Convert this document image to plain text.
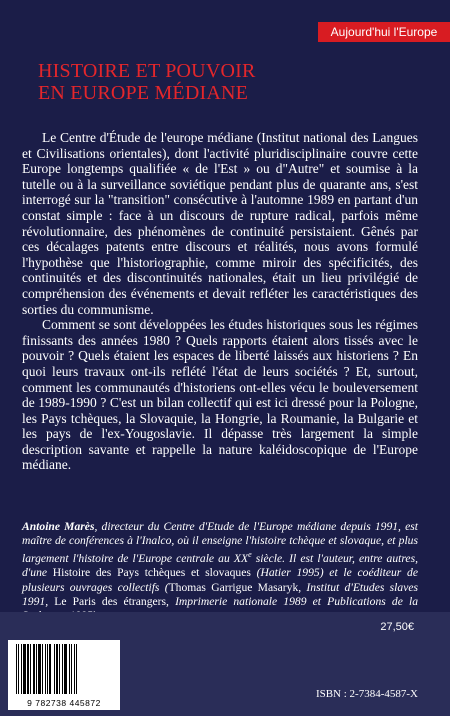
Aujourd'hui l'Europe
HISTOIRE ET POUVOIR
EN EUROPE MÉDIANE

Le Centre d'Étude de l'europe médiane (Institut national des Langues et Civilisations orientales), dont l'activité pluridisciplinaire couvre cette Europe longtemps qualifiée « de l'Est » ou d"Autre" et soumise à la tutelle ou à la surveillance soviétique pendant plus de quarante ans, s'est interrogé sur la "transition" consécutive à l'automne 1989 en partant d'un constat simple : face à un discours de rupture radical, parfois même révolutionnaire, des phénomènes de continuité persistaient. Gênés par ces décalages patents entre discours et réalités, nous avons formulé l'hypothèse que l'historiographie, comme miroir des spécificités, des continuités et des discontinuités nationales, était un lieu privilégié de compréhension des événements et devait refléter les caractéristiques des sorties du communisme.

Comment se sont développées les études historiques sous les régimes finissants des années 1980 ? Quels rapports étaient alors tissés avec le pouvoir ? Quels étaient les espaces de liberté laissés aux historiens ? En quoi leurs travaux ont-ils reflété l'état de leurs sociétés ? Et, surtout, comment les communautés d'historiens ont-elles vécu le bouleversement de 1989-1990 ? C'est un bilan collectif qui est ici dressé pour la Pologne, les Pays tchèques, la Slovaquie, la Hongrie, la Roumanie, la Bulgarie et les pays de l'ex-Yougoslavie. Il dépasse très largement la simple description savante et rappelle la nature kaléidoscopique de l'Europe médiane.

Antoine Marès, directeur du Centre d'Etude de l'Europe médiane depuis 1991, est maître de conférences à l'Inalco, où il enseigne l'histoire tchèque et slovaque, et plus largement l'histoire de l'Europe centrale au XXe siècle. Il est l'auteur, entre autres, d'une Histoire des Pays tchèques et slovaques (Hatier 1995) et le coéditeur de plusieurs ouvrages collectifs (Thomas Garrigue Masaryk, Institut d'Etudes slaves 1991, Le Paris des étrangers, Imprimerie nationale 1989 et Publications de la
27,50€
9 782738 445872
ISBN : 2-7384-4587-X
